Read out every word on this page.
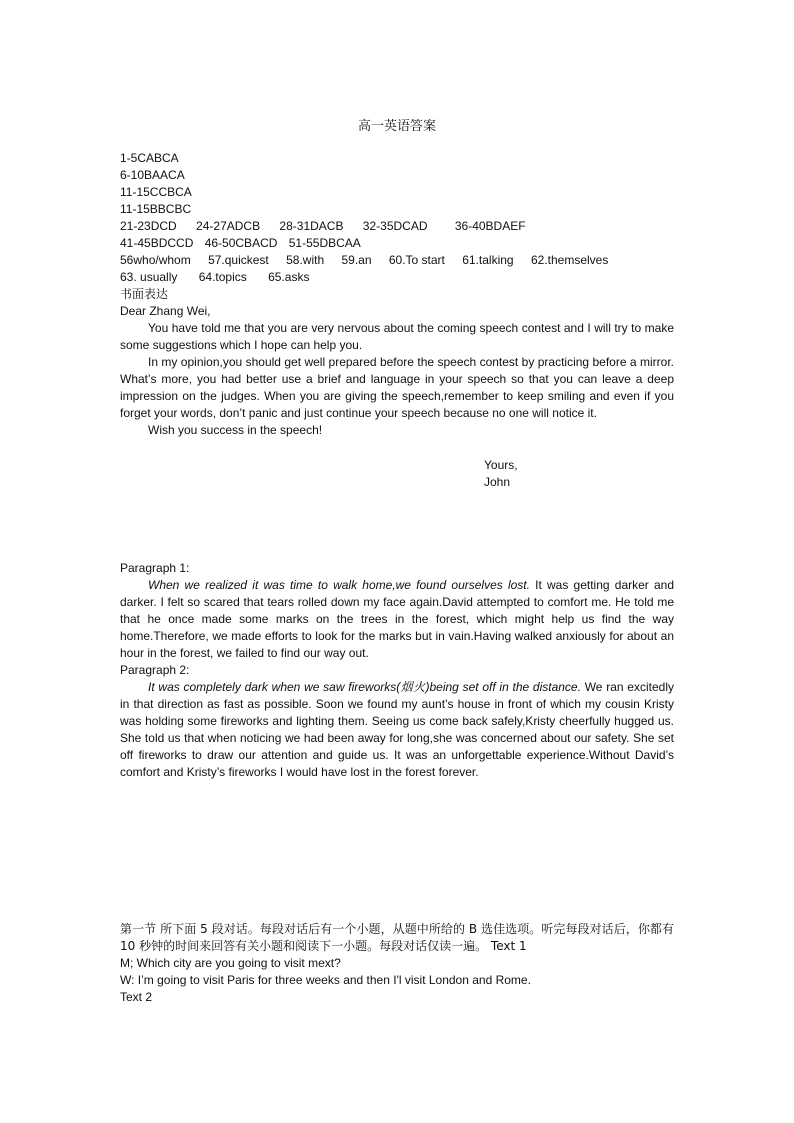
高一英语答案
1-5CABCA
6-10BAACA
11-15CCBCA
11-15BBCBC
21-23DCD 24-27ADCB 28-31DACB 32-35DCAD 36-40BDAEF
41-45BDCCD 46-50CBACD 51-55DBCAA
56who/whom 57.quickest 58.with 59.an 60.To start 61.talking 62.themselves
63. usually 64.topics 65.asks
书面表达
Dear Zhang Wei,

You have told me that you are very nervous about the coming speech contest and I will try to make some suggestions which I hope can help you.

In my opinion,you should get well prepared before the speech contest by practicing before a mirror. What’s more, you had better use a brief and language in your speech so that you can leave a deep impression on the judges. When you are giving the speech,remember to keep smiling and even if you forget your words, don’t panic and just continue your speech because no one will notice it.

Wish you success in the speech!

Yours,
John
Paragraph 1:

When we realized it was time to walk home,we found ourselves lost. It was getting darker and darker. I felt so scared that tears rolled down my face again.David attempted to comfort me. He told me that he once made some marks on the trees in the forest, which might help us find the way home.Therefore, we made efforts to look for the marks but in vain.Having walked anxiously for about an hour in the forest, we failed to find our way out.

Paragraph 2:

It was completely dark when we saw fireworks(烟火)being set off in the distance. We ran excitedly in that direction as fast as possible. Soon we found my aunt’s house in front of which my cousin Kristy was holding some fireworks and lighting them. Seeing us come back safely,Kristy cheerfully hugged us. She told us that when noticing we had been away for long,she was concerned about our safety. She set off fireworks to draw our attention and guide us. It was an unforgettable experience.Without David’s comfort and Kristy’s fireworks I would have lost in the forest forever.

第一节 所下面 5 段对话。每段对话后有一个小题，从题中所给的 B 选佳选项。听完每段对话后，你都有 10 秒钟的时间来回答有关小题和阅读下一小题。每段对话仅读一遍。 Text 1

M; Which city are you going to visit mext?
W: I’m going to visit Paris for three weeks and then I'l visit London and Rome.
Text 2
